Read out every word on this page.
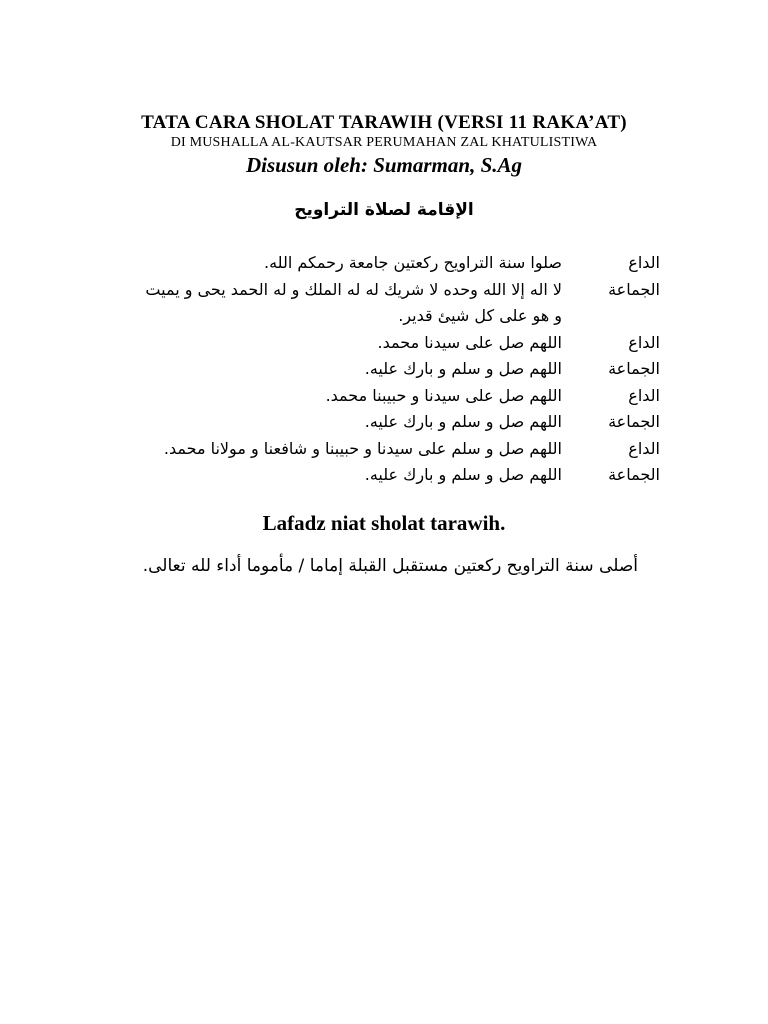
TATA CARA SHOLAT TARAWIH (VERSI 11 RAKA’AT)
DI MUSHALLA AL-KAUTSAR PERUMAHAN ZAL KHATULISTIWA
Disusun oleh: Sumarman, S.Ag
الإقامة لصلاة التراويح
الداع
صلوا سنة التراويح ركعتين جامعة رحمكم الله.
الجماعة
لا اله إلا الله وحده لا شريك له له الملك و له الحمد يحى و يميت
و هو على كل شيئ قدير.
الداع
اللهم صل على سيدنا محمد.
الجماعة
اللهم صل و سلم و بارك عليه.
الداع
اللهم صل على سيدنا و حبيبنا محمد.
الجماعة
اللهم صل و سلم و بارك عليه.
الداع
اللهم صل و سلم على سيدنا و حبيبنا و شافعنا و مولانا محمد.
الجماعة
اللهم صل و سلم و بارك عليه.
Lafadz niat sholat tarawih.
أصلى سنة التراويح ركعتين مستقبل القبلة إماما / مأموما أداء لله تعالى.
